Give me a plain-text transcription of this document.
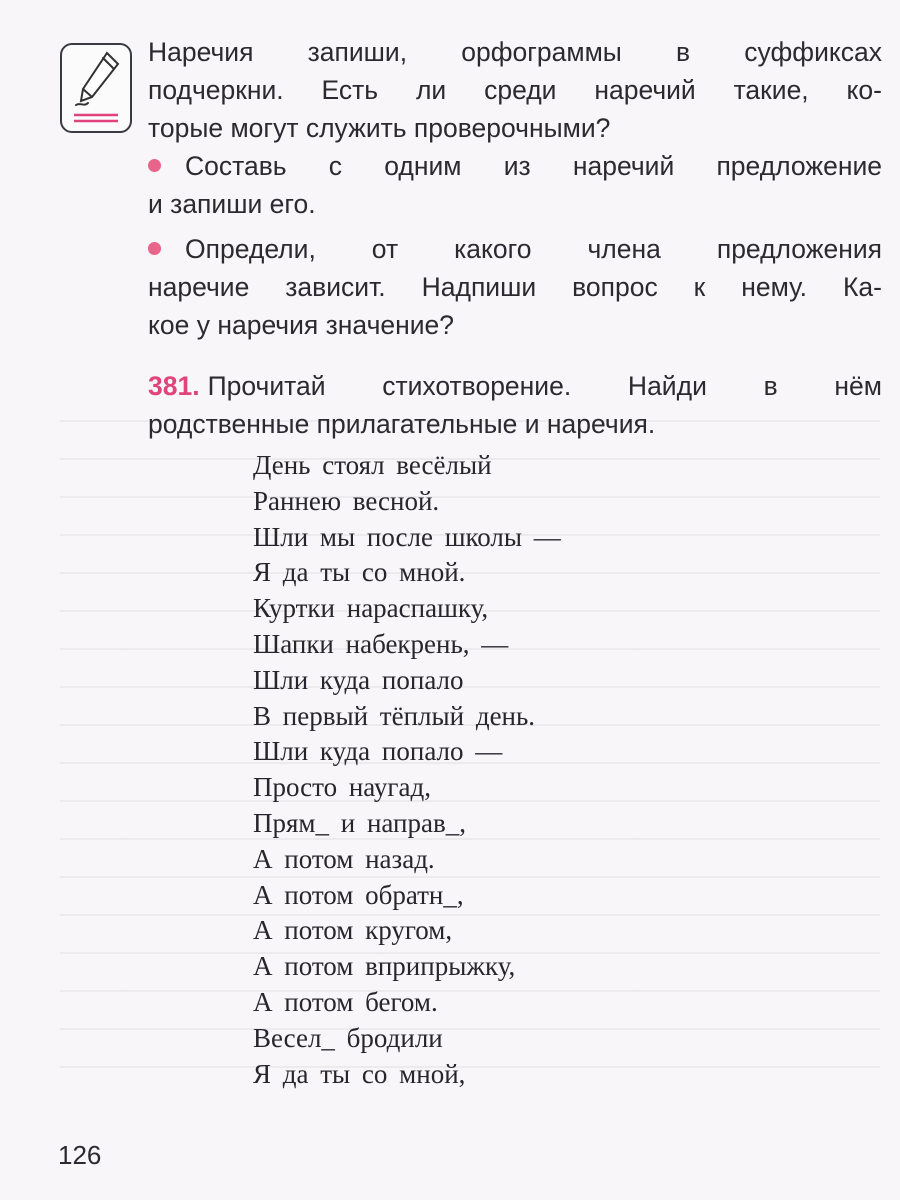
Наречия запиши, орфограммы в суффиксах
подчеркни. Есть ли среди наречий такие, ко-
торые могут служить проверочными?
Составь с одним из наречий предложение
и запиши его.
Определи, от какого члена предложения
наречие зависит. Надпиши вопрос к нему. Ка-
кое у наречия значение?
381. Прочитай стихотворение. Найди в нём
родственные прилагательные и наречия.
День стоял весёлый
Раннею весной.
Шли мы после школы —
Я да ты со мной.
Куртки нараспашку,
Шапки набекрень, —
Шли куда попало
В первый тёплый день.
Шли куда попало —
Просто наугад,
Прям_ и направ_,
А потом назад.
А потом обратн_,
А потом кругом,
А потом вприпрыжку,
А потом бегом.
Весел_ бродили
Я да ты со мной,
126
